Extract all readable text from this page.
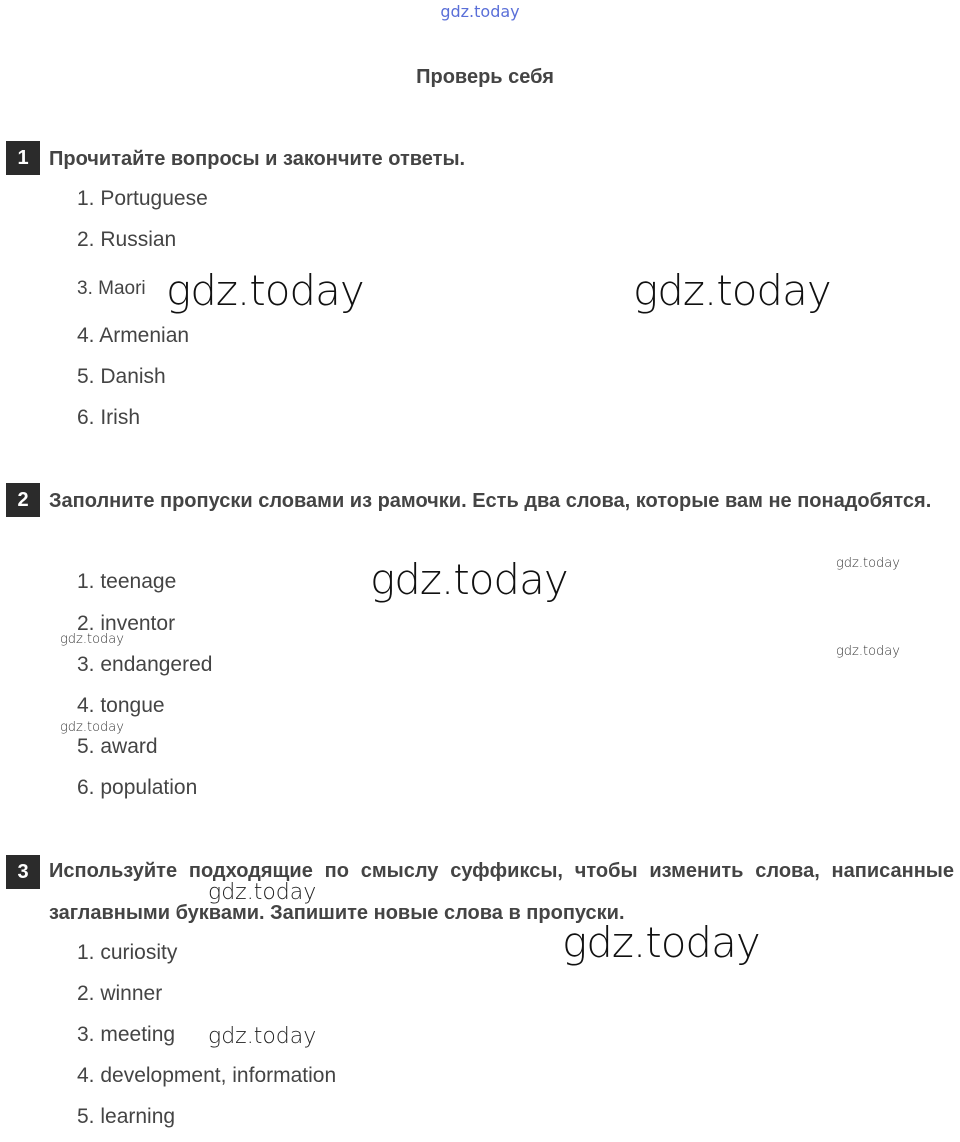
gdz.today
Проверь себя
1	Прочитайте вопросы и закончите ответы.
1. Portuguese
2. Russian
3. Maori
4. Armenian
5. Danish
6. Irish
2	Заполните пропуски словами из рамочки. Есть два слова, которые вам не понадобятся.
1. teenage
2. inventor
3. endangered
4. tongue
5. award
6. population
3	Используйте подходящие по смыслу суффиксы, чтобы изменить слова, написанные заглавными буквами. Запишите новые слова в пропуски.
1. curiosity
2. winner
3. meeting
4. development, information
5. learning
gdz.today	gdz.today
gdz.today
gdz.today
gdz.today
gdz.today
gdz.today
gdz.today
gdz.today
gdz.today
